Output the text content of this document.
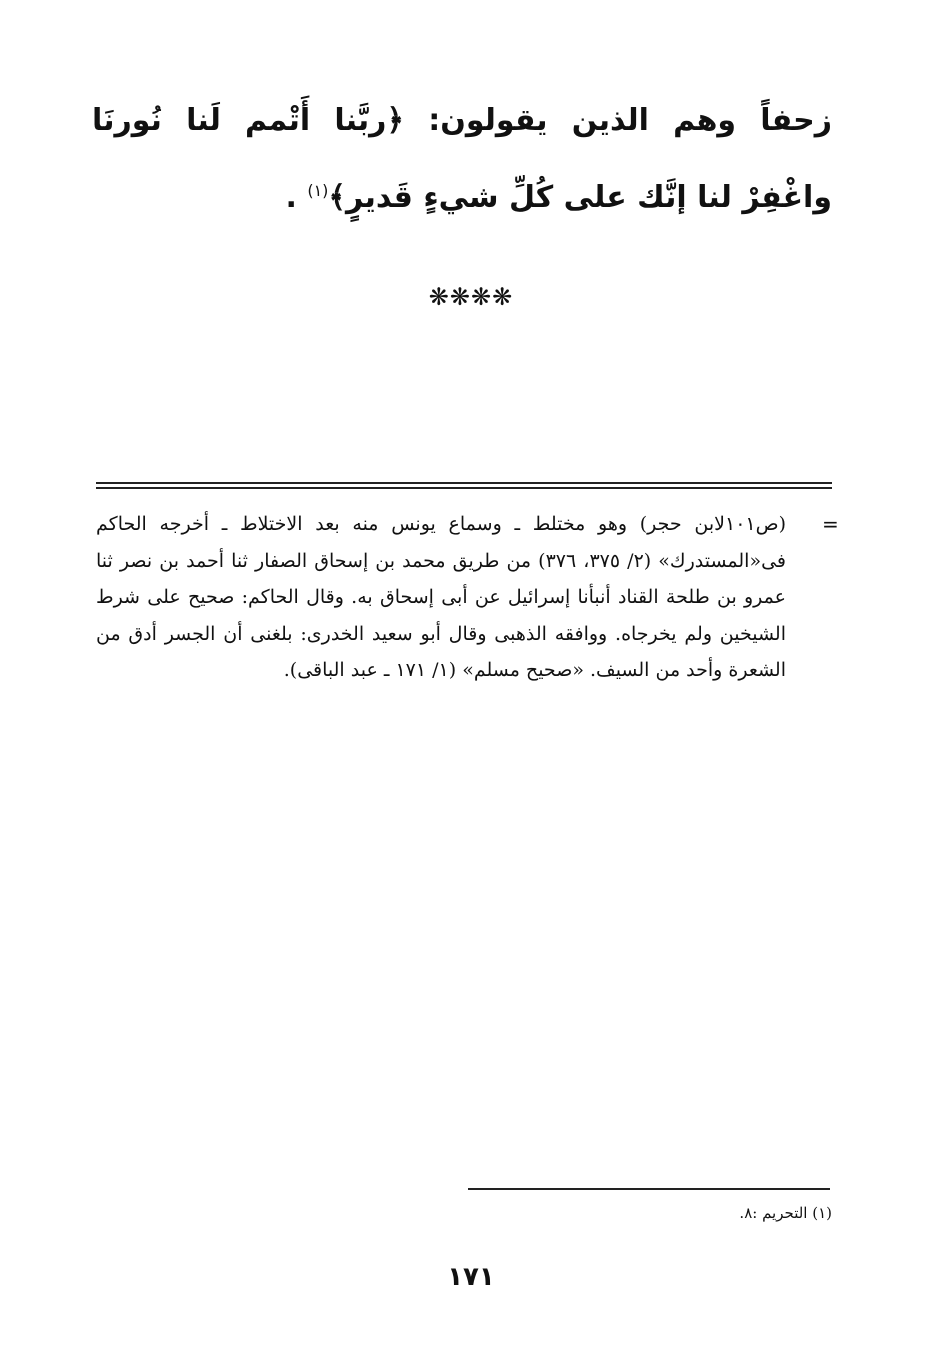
زحفاً وهم الذين يقولون: ﴿ربَّنا أَتْمم لَنا نُورنَا واغْفِرْ لنا إنَّك على كُلِّ شيءٍ قَديرٍ﴾$^{(١)}$ .
❋❋❋❋
=
(ص١٠١لابن حجر) وهو مختلط ـ وسماع يونس منه بعد الاختلاط ـ أخرجه الحاكم فى«المستدرك» (٢/ ٣٧٥، ٣٧٦) من طريق محمد بن إسحاق الصفار ثنا أحمد بن نصر ثنا عمرو بن طلحة القناد أنبأنا إسرائيل عن أبى إسحاق به. وقال الحاكم: صحيح على شرط الشيخين ولم يخرجاه. ووافقه الذهبى وقال أبو سعيد الخدرى: بلغنى أن الجسر أدق من الشعرة وأحد من السيف. «صحيح مسلم» (١/ ١٧١ ـ عبد الباقى).
(١) التحريم :٨.
١٧١
